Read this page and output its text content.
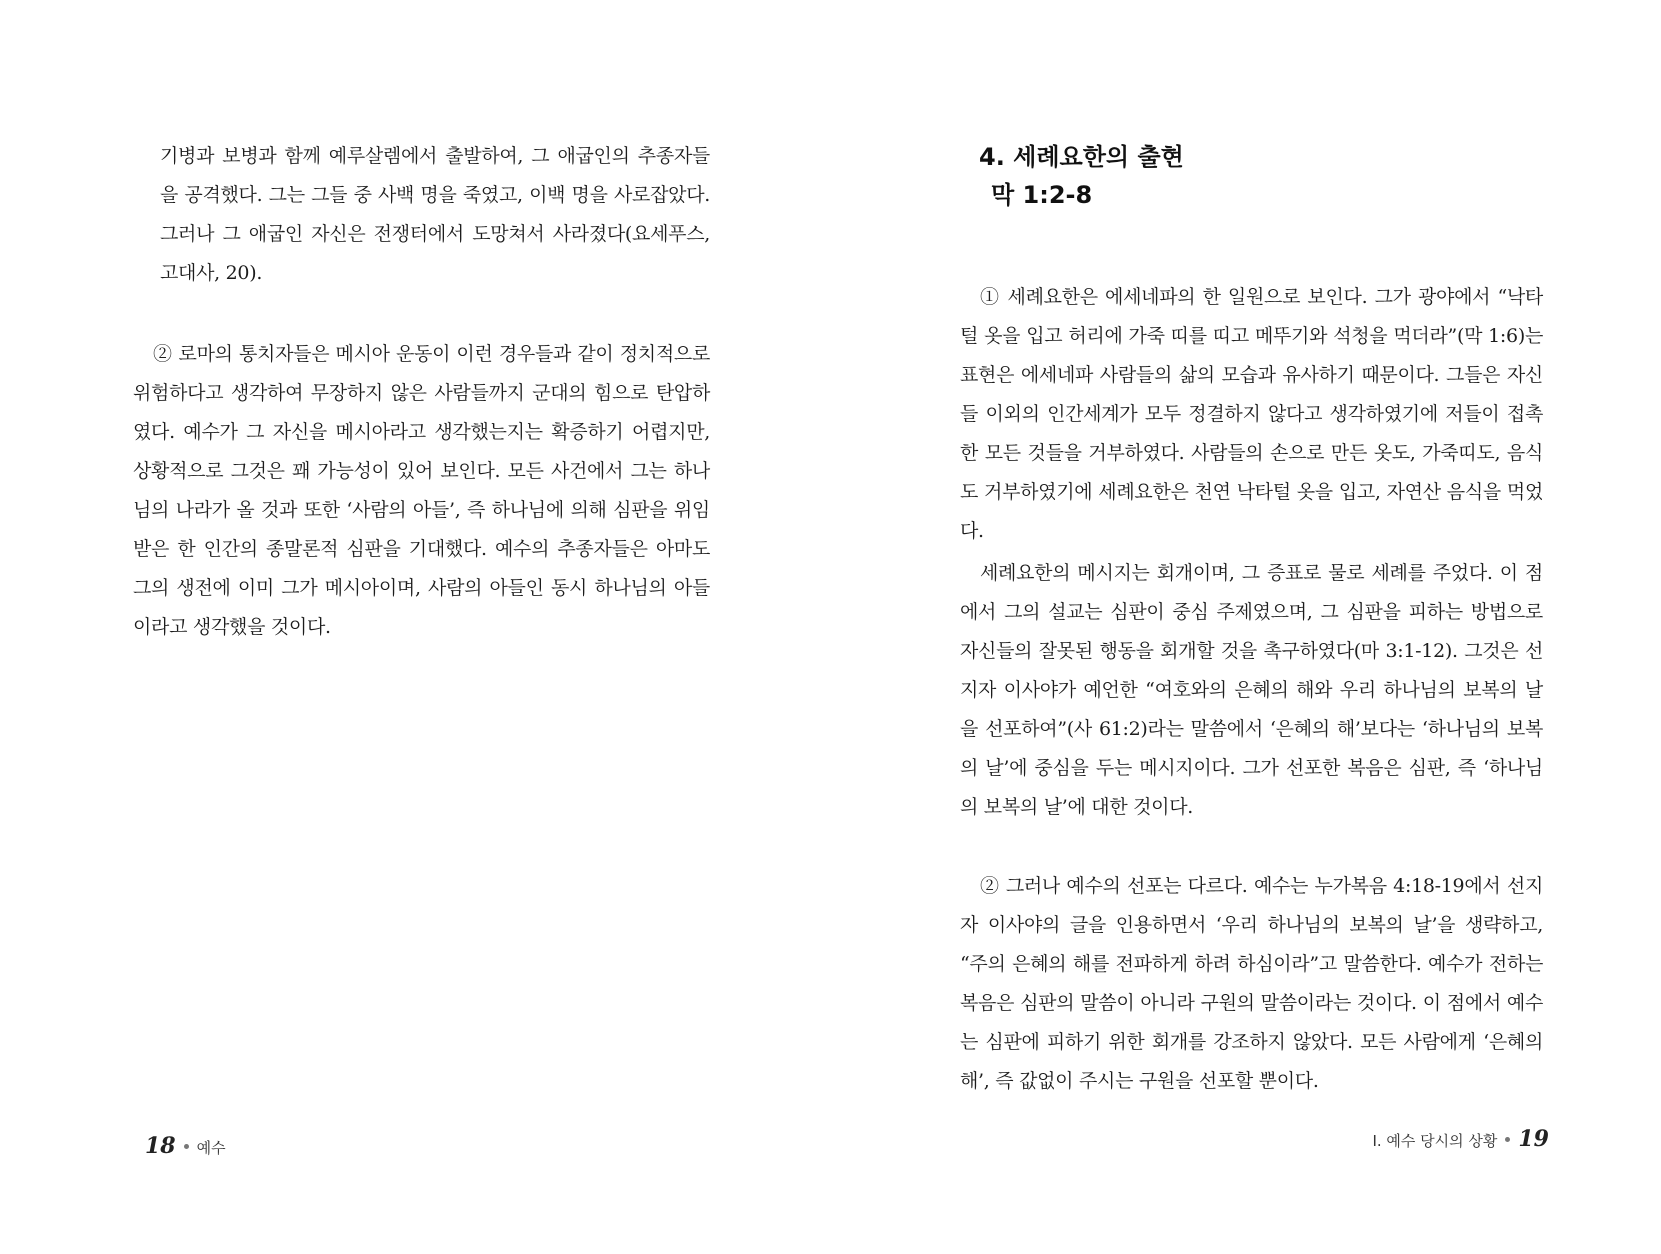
기병과 보병과 함께 예루살렘에서 출발하여, 그 애굽인의 추종자들을 공격했다. 그는 그들 중 사백 명을 죽였고, 이백 명을 사로잡았다. 그러나 그 애굽인 자신은 전쟁터에서 도망쳐서 사라졌다(요세푸스, 고대사, 20).

② 로마의 통치자들은 메시아 운동이 이런 경우들과 같이 정치적으로 위험하다고 생각하여 무장하지 않은 사람들까지 군대의 힘으로 탄압하였다. 예수가 그 자신을 메시아라고 생각했는지는 확증하기 어렵지만, 상황적으로 그것은 꽤 가능성이 있어 보인다. 모든 사건에서 그는 하나님의 나라가 올 것과 또한 ‘사람의 아들’, 즉 하나님에 의해 심판을 위임받은 한 인간의 종말론적 심판을 기대했다. 예수의 추종자들은 아마도 그의 생전에 이미 그가 메시아이며, 사람의 아들인 동시 하나님의 아들이라고 생각했을 것이다.

18 예수
4. 세례요한의 출현
막 1:2-8

① 세례요한은 에세네파의 한 일원으로 보인다. 그가 광야에서 “낙타털 옷을 입고 허리에 가죽 띠를 띠고 메뚜기와 석청을 먹더라”(막 1:6)는 표현은 에세네파 사람들의 삶의 모습과 유사하기 때문이다. 그들은 자신들 이외의 인간세계가 모두 정결하지 않다고 생각하였기에 저들이 접촉한 모든 것들을 거부하였다. 사람들의 손으로 만든 옷도, 가죽띠도, 음식도 거부하였기에 세례요한은 천연 낙타털 옷을 입고, 자연산 음식을 먹었다.

세례요한의 메시지는 회개이며, 그 증표로 물로 세례를 주었다. 이 점에서 그의 설교는 심판이 중심 주제였으며, 그 심판을 피하는 방법으로 자신들의 잘못된 행동을 회개할 것을 촉구하였다(마 3:1-12). 그것은 선지자 이사야가 예언한 “여호와의 은혜의 해와 우리 하나님의 보복의 날을 선포하여”(사 61:2)라는 말씀에서 ‘은혜의 해’보다는 ‘하나님의 보복의 날’에 중심을 두는 메시지이다. 그가 선포한 복음은 심판, 즉 ‘하나님의 보복의 날’에 대한 것이다.

② 그러나 예수의 선포는 다르다. 예수는 누가복음 4:18-19에서 선지자 이사야의 글을 인용하면서 ‘우리 하나님의 보복의 날’을 생략하고, “주의 은혜의 해를 전파하게 하려 하심이라”고 말씀한다. 예수가 전하는 복음은 심판의 말씀이 아니라 구원의 말씀이라는 것이다. 이 점에서 예수는 심판에 피하기 위한 회개를 강조하지 않았다. 모든 사람에게 ‘은혜의 해’, 즉 값없이 주시는 구원을 선포할 뿐이다.

I. 예수 당시의 상황 19
